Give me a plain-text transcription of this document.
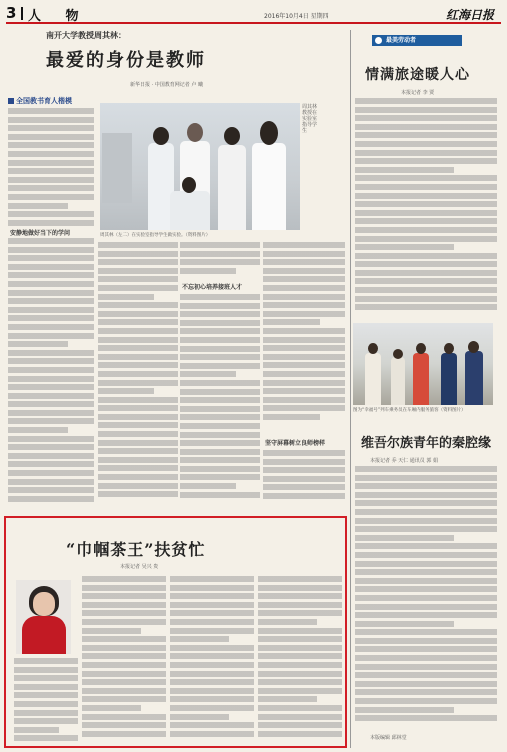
3 人 物	2016年10月4日 星期四	红海日报
南开大学教授周其林：
最爱的身份是教师
新华日报 · 中国教育网记者 卢 曦
全国教书育人楷模
周其林教授在实验室指导学生
周其林（左二）在实验室指导学生做实验。（资料图片）
安静地做好当下的学问
不忘初心培养接班人才
坚守屏幕树立良师榜样
最美劳动者
情满旅途暖人心
本报记者 李 贾
图为“幸福号”列车乘务员在车厢内服务旅客（资料图片）
维吾尔族青年的秦腔缘
本报记者 乔 天仁 通讯员 郭 娟
“巾帼茶王”扶贫忙
本报记者 吴兴 贵
本版编辑 邱林堂
